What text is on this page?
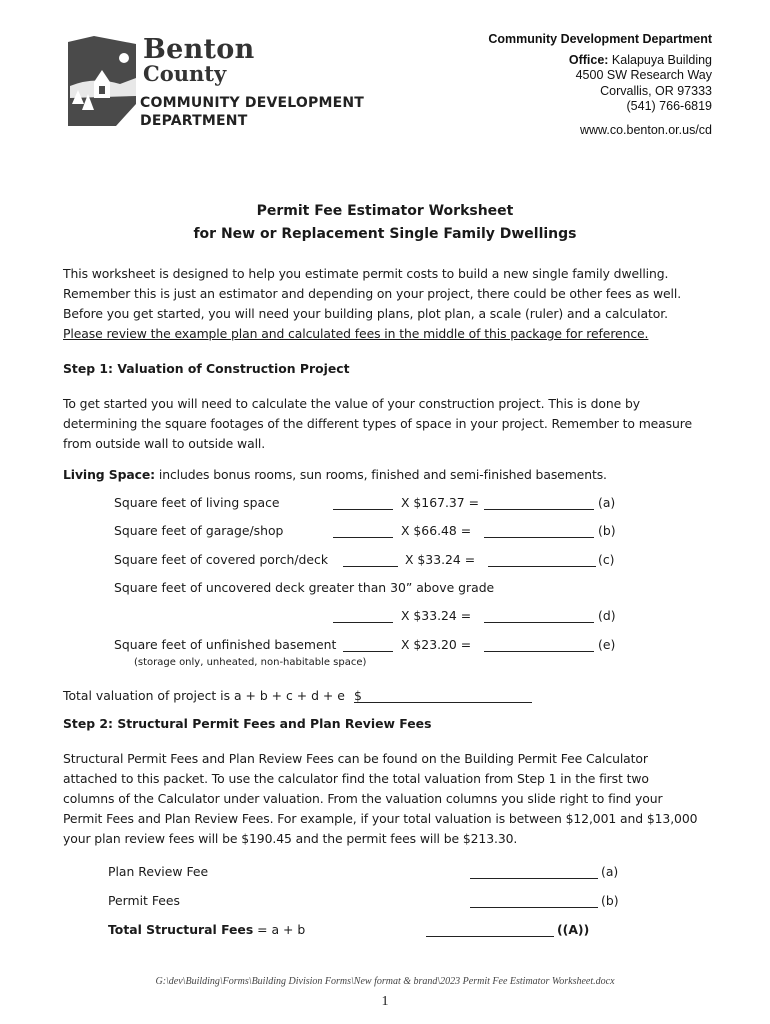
Benton
County
COMMUNITY DEVELOPMENT
DEPARTMENT
Community Development Department
Office: Kalapuya Building
4500 SW Research Way
Corvallis, OR 97333
(541) 766-6819
www.co.benton.or.us/cd
Permit Fee Estimator Worksheet
for New or Replacement Single Family Dwellings
This worksheet is designed to help you estimate permit costs to build a new single family dwelling.
Remember this is just an estimator and depending on your project, there could be other fees as well.
Before you get started, you will need your building plans, plot plan, a scale (ruler) and a calculator.
Please review the example plan and calculated fees in the middle of this package for reference.
Step 1: Valuation of Construction Project
To get started you will need to calculate the value of your construction project. This is done by
determining the square footages of the different types of space in your project. Remember to measure
from outside wall to outside wall.
Living Space: includes bonus rooms, sun rooms, finished and semi-finished basements.
Square feet of living space	X $167.37 =	(a)
Square feet of garage/shop	X $66.48 =	(b)
Square feet of covered porch/deck	X $33.24 =	(c)
Square feet of uncovered deck greater than 30” above grade
X $33.24 =	(d)
Square feet of unfinished basement	X $23.20 =	(e)
(storage only, unheated, non-habitable space)
Total valuation of project is a + b + c + d + e $
Step 2: Structural Permit Fees and Plan Review Fees
Structural Permit Fees and Plan Review Fees can be found on the Building Permit Fee Calculator
attached to this packet. To use the calculator find the total valuation from Step 1 in the first two
columns of the Calculator under valuation. From the valuation columns you slide right to find your
Permit Fees and Plan Review Fees. For example, if your total valuation is between $12,001 and $13,000
your plan review fees will be $190.45 and the permit fees will be $213.30.
Plan Review Fee	(a)
Permit Fees	(b)
Total Structural Fees = a + b	((A))
G:\dev\Building\Forms\Building Division Forms\New format & brand\2023 Permit Fee Estimator Worksheet.docx
1
